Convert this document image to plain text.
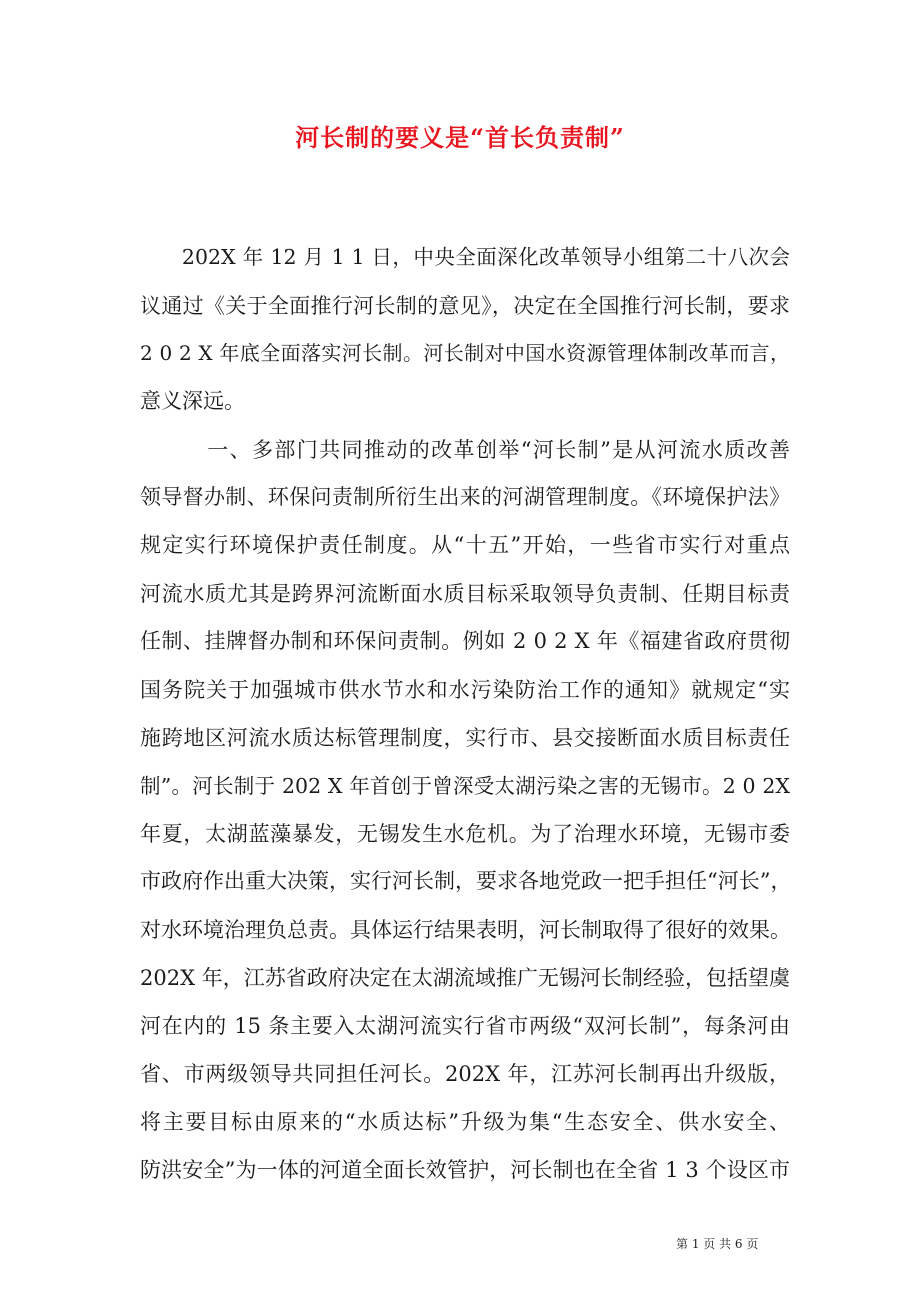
河长制的要义是“首长负责制”
　　202X 年 12 月 1 1 日，中央全面深化改革领导小组第二十八次会
议通过《关于全面推行河长制的意见》，决定在全国推行河长制，要求
2 0 2 X 年底全面落实河长制。河长制对中国水资源管理体制改革而言，
意义深远。
　　　一、多部门共同推动的改革创举“河长制”是从河流水质改善
领导督办制、环保问责制所衍生出来的河湖管理制度。《环境保护法》
规定实行环境保护责任制度。从“十五”开始，一些省市实行对重点
河流水质尤其是跨界河流断面水质目标采取领导负责制、任期目标责
任制、挂牌督办制和环保问责制。例如 2 0 2 X 年《福建省政府贯彻
国务院关于加强城市供水节水和水污染防治工作的通知》就规定“实
施跨地区河流水质达标管理制度，实行市、县交接断面水质目标责任
制”。河长制于 202 X 年首创于曾深受太湖污染之害的无锡市。2 0 2X
年夏，太湖蓝藻暴发，无锡发生水危机。为了治理水环境，无锡市委
市政府作出重大决策，实行河长制，要求各地党政一把手担任“河长”，
对水环境治理负总责。具体运行结果表明，河长制取得了很好的效果。
202X 年，江苏省政府决定在太湖流域推广无锡河长制经验，包括望虞
河在内的 15 条主要入太湖河流实行省市两级“双河长制”，每条河由
省、市两级领导共同担任河长。202X 年，江苏河长制再出升级版，
将主要目标由原来的“水质达标”升级为集“生态安全、供水安全、
防洪安全”为一体的河道全面长效管护，河长制也在全省 1 3 个设区市
第 1 页 共 6 页
